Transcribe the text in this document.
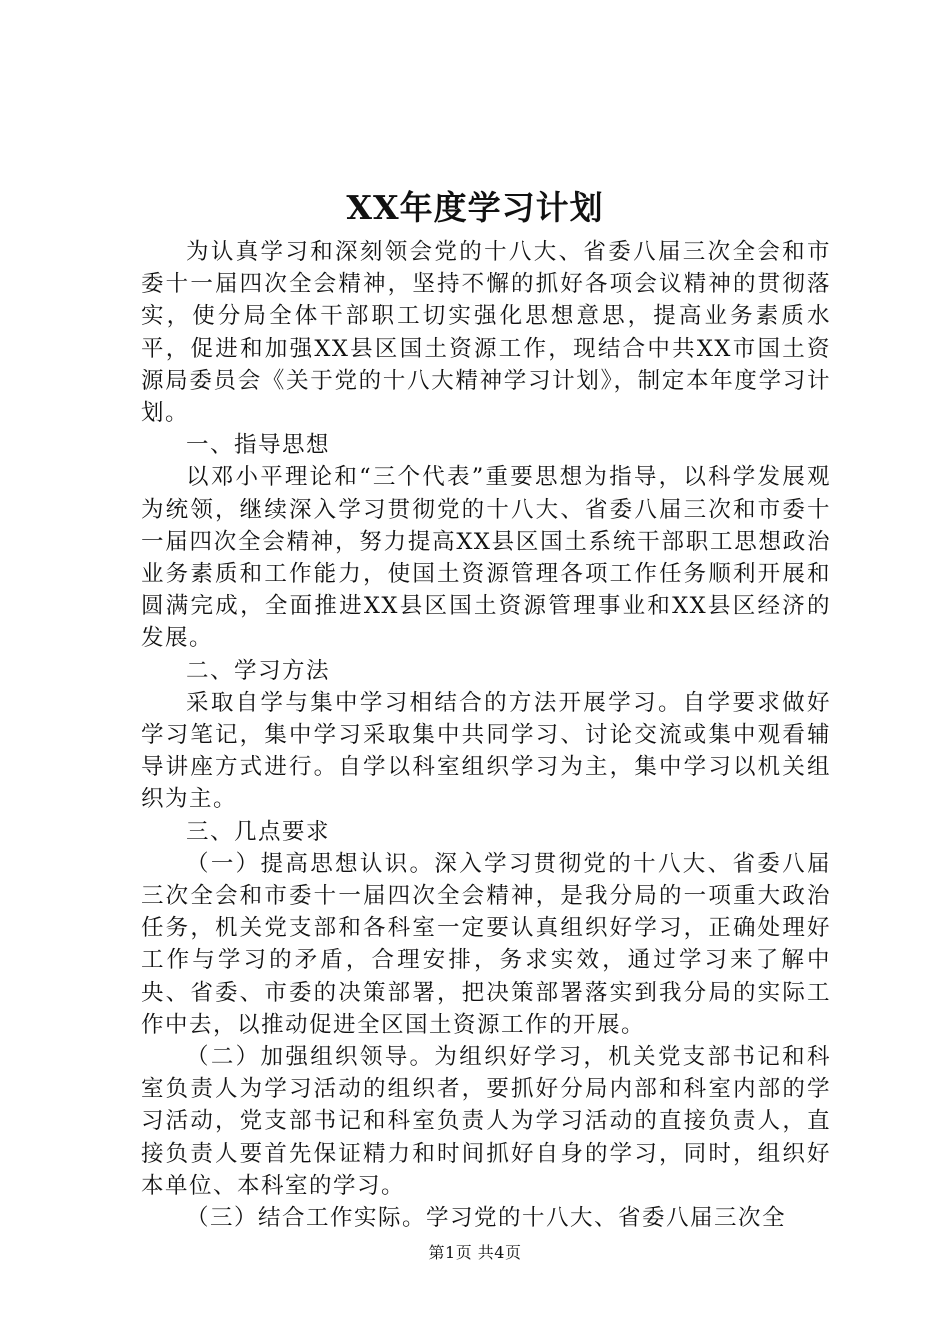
XX年度学习计划

为认真学习和深刻领会党的十八大、省委八届三次全会和市委十一届四次全会精神，坚持不懈的抓好各项会议精神的贯彻落实，使分局全体干部职工切实强化思想意思，提高业务素质水平，促进和加强XX县区国土资源工作，现结合中共XX市国土资源局委员会《关于党的十八大精神学习计划》，制定本年度学习计划。

一、指导思想

以邓小平理论和“三个代表”重要思想为指导，以科学发展观为统领，继续深入学习贯彻党的十八大、省委八届三次和市委十一届四次全会精神，努力提高XX县区国土系统干部职工思想政治业务素质和工作能力，使国土资源管理各项工作任务顺利开展和圆满完成，全面推进XX县区国土资源管理事业和XX县区经济的发展。

二、学习方法

采取自学与集中学习相结合的方法开展学习。自学要求做好学习笔记，集中学习采取集中共同学习、讨论交流或集中观看辅导讲座方式进行。自学以科室组织学习为主，集中学习以机关组织为主。

三、几点要求

（一）提高思想认识。深入学习贯彻党的十八大、省委八届三次全会和市委十一届四次全会精神，是我分局的一项重大政治任务，机关党支部和各科室一定要认真组织好学习，正确处理好工作与学习的矛盾，合理安排，务求实效，通过学习来了解中央、省委、市委的决策部署，把决策部署落实到我分局的实际工作中去，以推动促进全区国土资源工作的开展。

（二）加强组织领导。为组织好学习，机关党支部书记和科室负责人为学习活动的组织者，要抓好分局内部和科室内部的学习活动，党支部书记和科室负责人为学习活动的直接负责人，直接负责人要首先保证精力和时间抓好自身的学习，同时，组织好本单位、本科室的学习。

（三）结合工作实际。学习党的十八大、省委八届三次全

第1页 共4页
